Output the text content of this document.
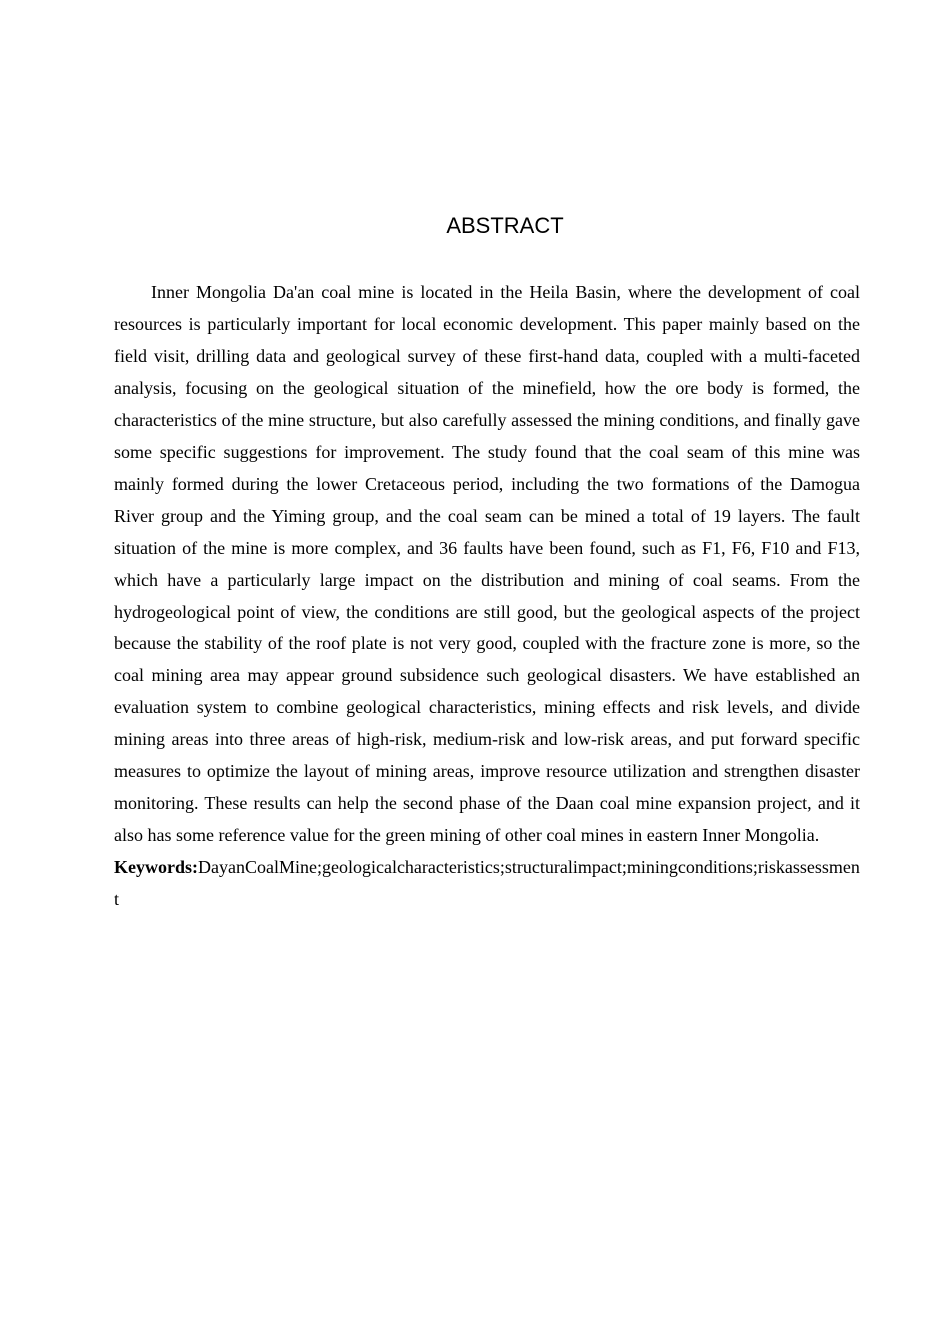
ABSTRACT

Inner Mongolia Da'an coal mine is located in the Heila Basin, where the development of coal resources is particularly important for local economic development. This paper mainly based on the field visit, drilling data and geological survey of these first-hand data, coupled with a multi-faceted analysis, focusing on the geological situation of the minefield, how the ore body is formed, the characteristics of the mine structure, but also carefully assessed the mining conditions, and finally gave some specific suggestions for improvement. The study found that the coal seam of this mine was mainly formed during the lower Cretaceous period, including the two formations of the Damogua River group and the Yiming group, and the coal seam can be mined a total of 19 layers. The fault situation of the mine is more complex, and 36 faults have been found, such as F1, F6, F10 and F13, which have a particularly large impact on the distribution and mining of coal seams. From the hydrogeological point of view, the conditions are still good, but the geological aspects of the project because the stability of the roof plate is not very good, coupled with the fracture zone is more, so the coal mining area may appear ground subsidence such geological disasters. We have established an evaluation system to combine geological characteristics, mining effects and risk levels, and divide mining areas into three areas of high-risk, medium-risk and low-risk areas, and put forward specific measures to optimize the layout of mining areas, improve resource utilization and strengthen disaster monitoring. These results can help the second phase of the Daan coal mine expansion project, and it also has some reference value for the green mining of other coal mines in eastern Inner Mongolia.

Keywords:DayanCoalMine;geologicalcharacteristics;structuralimpact;miningconditions;riskassessment
